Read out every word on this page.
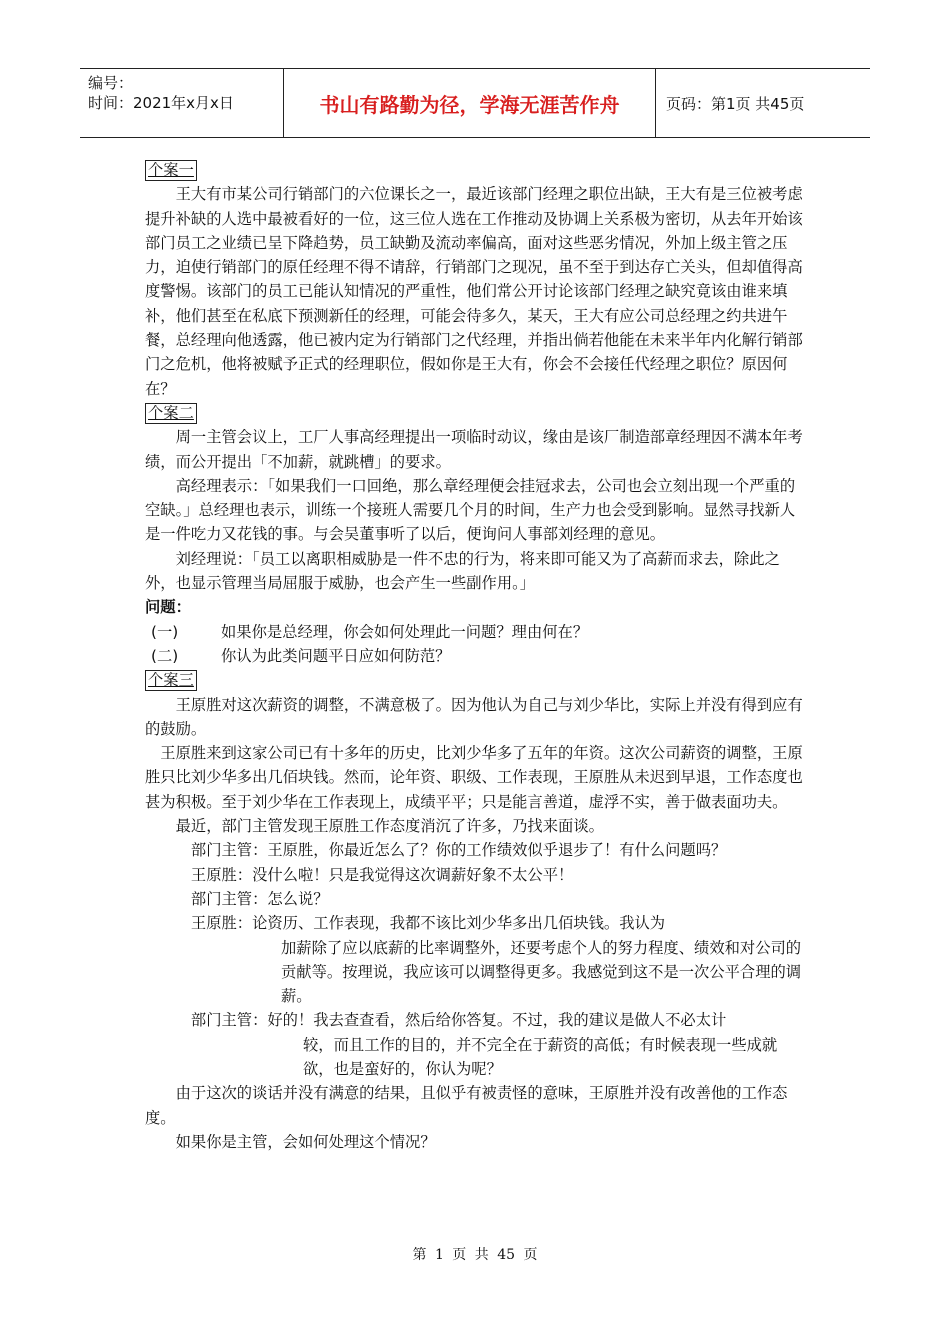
编号：
时间：2021年x月x日	书山有路勤为径，学海无涯苦作舟	页码：第1页 共45页

个案一

王大有市某公司行销部门的六位课长之一，最近该部门经理之职位出缺，王大有是三位被考虑提升补缺的人选中最被看好的一位，这三位人选在工作推动及协调上关系极为密切，从去年开始该部门员工之业绩已呈下降趋势，员工缺勤及流动率偏高，面对这些恶劣情况，外加上级主管之压力，迫使行销部门的原任经理不得不请辞，行销部门之现况，虽不至于到达存亡关头，但却值得高度警惕。该部门的员工已能认知情况的严重性，他们常公开讨论该部门经理之缺究竟该由谁来填补，他们甚至在私底下预测新任的经理，可能会待多久，某天，王大有应公司总经理之约共进午餐，总经理向他透露，他已被内定为行销部门之代经理，并指出倘若他能在未来半年内化解行销部门之危机，他将被赋予正式的经理职位，假如你是王大有，你会不会接任代经理之职位？原因何在？

个案二

周一主管会议上，工厂人事高经理提出一项临时动议，缘由是该厂制造部章经理因不满本年考绩，而公开提出「不加薪，就跳槽」的要求。

高经理表示：「如果我们一口回绝，那么章经理便会挂冠求去，公司也会立刻出现一个严重的空缺。」总经理也表示，训练一个接班人需要几个月的时间，生产力也会受到影响。显然寻找新人是一件吃力又花钱的事。与会吴董事听了以后，便询问人事部刘经理的意见。

刘经理说：「员工以离职相威胁是一件不忠的行为，将来即可能又为了高薪而求去，除此之外，也显示管理当局屈服于威胁，也会产生一些副作用。」

问题：

(一)	如果你是总经理，你会如何处理此一问题？理由何在？
(二)	你认为此类问题平日应如何防范？

个案三

王原胜对这次薪资的调整，不满意极了。因为他认为自己与刘少华比，实际上并没有得到应有的鼓励。

王原胜来到这家公司已有十多年的历史，比刘少华多了五年的年资。这次公司薪资的调整，王原胜只比刘少华多出几佰块钱。然而，论年资、职级、工作表现，王原胜从未迟到早退，工作态度也甚为积极。至于刘少华在工作表现上，成绩平平；只是能言善道，虚浮不实，善于做表面功夫。

最近，部门主管发现王原胜工作态度消沉了许多，乃找来面谈。

部门主管：王原胜，你最近怎么了？你的工作绩效似乎退步了！有什么问题吗？

王原胜：没什么啦！只是我觉得这次调薪好象不太公平！

部门主管：怎么说？

王原胜：论资历、工作表现，我都不该比刘少华多出几佰块钱。我认为

加薪除了应以底薪的比率调整外，还要考虑个人的努力程度、绩效和对公司的贡献等。按理说，我应该可以调整得更多。我感觉到这不是一次公平合理的调薪。

部门主管：好的！我去查查看，然后给你答复。不过，我的建议是做人不必太计

较，而且工作的目的，并不完全在于薪资的高低；有时候表现一些成就欲，也是蛮好的，你认为呢？

由于这次的谈话并没有满意的结果，且似乎有被责怪的意味，王原胜并没有改善他的工作态度。

如果你是主管，会如何处理这个情况？

第 1 页 共 45 页
